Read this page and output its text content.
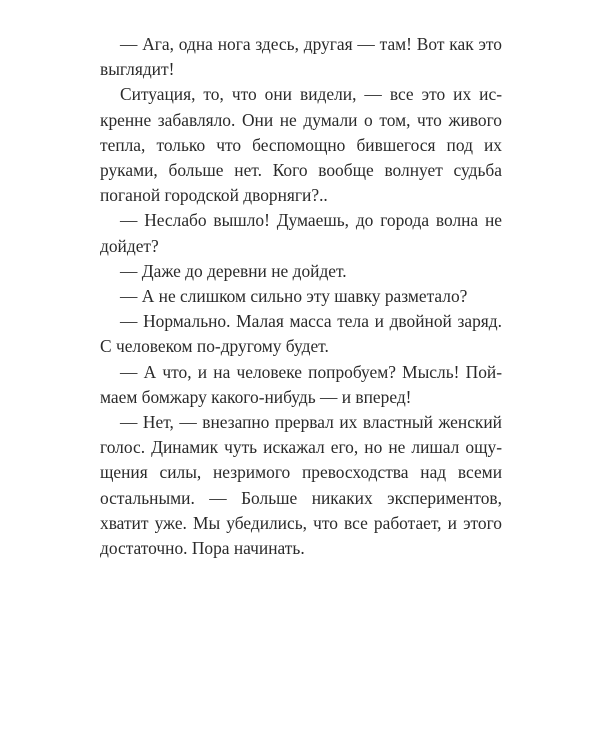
— Ага, одна нога здесь, другая — там! Вот как это
выглядит!
Ситуация, то, что они видели, — все это их ис-
кренне забавляло. Они не думали о том, что живого
тепла, только что беспомощно бившегося под их
руками, больше нет. Кого вообще волнует судьба
поганой городской дворняги?..
— Неслабо вышло! Думаешь, до города волна не
дойдет?
— Даже до деревни не дойдет.
— А не слишком сильно эту шавку разметало?
— Нормально. Малая масса тела и двойной заряд.
С человеком по-другому будет.
— А что, и на человеке попробуем? Мысль! Пой-
маем бомжару какого-нибудь — и вперед!
— Нет, — внезапно прервал их властный женский
голос. Динамик чуть искажал его, но не лишал ощу-
щения силы, незримого превосходства над всеми
остальными. — Больше никаких экспериментов,
хватит уже. Мы убедились, что все работает, и этого
достаточно. Пора начинать.
